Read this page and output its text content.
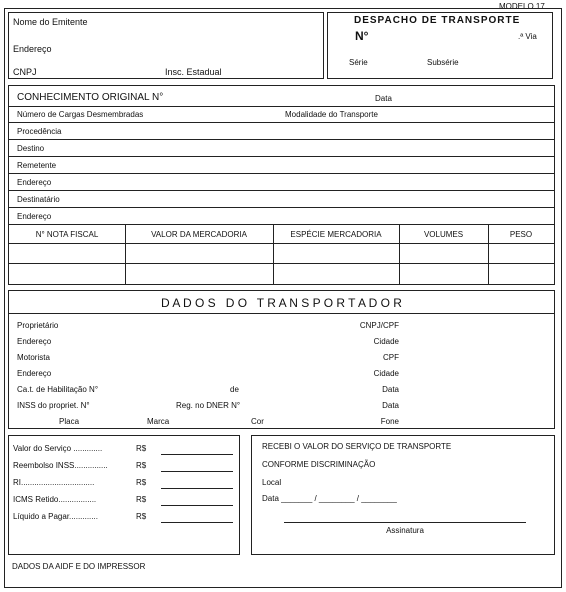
MODELO 17
Nome do Emitente
Endereço
CNPJ	Insc. Estadual
DESPACHO DE TRANSPORTE
N°	.ª Via
Série	Subsérie
CONHECIMENTO ORIGINAL N°	Data
Número de Cargas Desmembradas	Modalidade do Transporte
Procedência
Destino
Remetente
Endereço
Destinatário
Endereço
N° NOTA FISCAL	VALOR DA MERCADORIA	ESPÉCIE MERCADORIA	VOLUMES	PESO
D A D O S   D O   T R A N S P O R T A D O R
Proprietário	CNPJ/CPF
Endereço	Cidade
Motorista	CPF
Endereço	Cidade
Ca.t. de Habilitação N°	de	Data
INSS do propriet. N°	Reg. no DNER N°	Data
Placa	Marca	Cor	Fone
Valor do Serviço .............	R$
Reembolso INSS...............	R$
RI.................................	R$
ICMS Retido.................	R$
Líquido a Pagar.............	R$
RECEBI O VALOR DO SERVIÇO DE TRANSPORTE
CONFORME DISCRIMINAÇÃO
Local
Data _______ / ________ / ________
Assinatura
DADOS DA AIDF E DO IMPRESSOR
